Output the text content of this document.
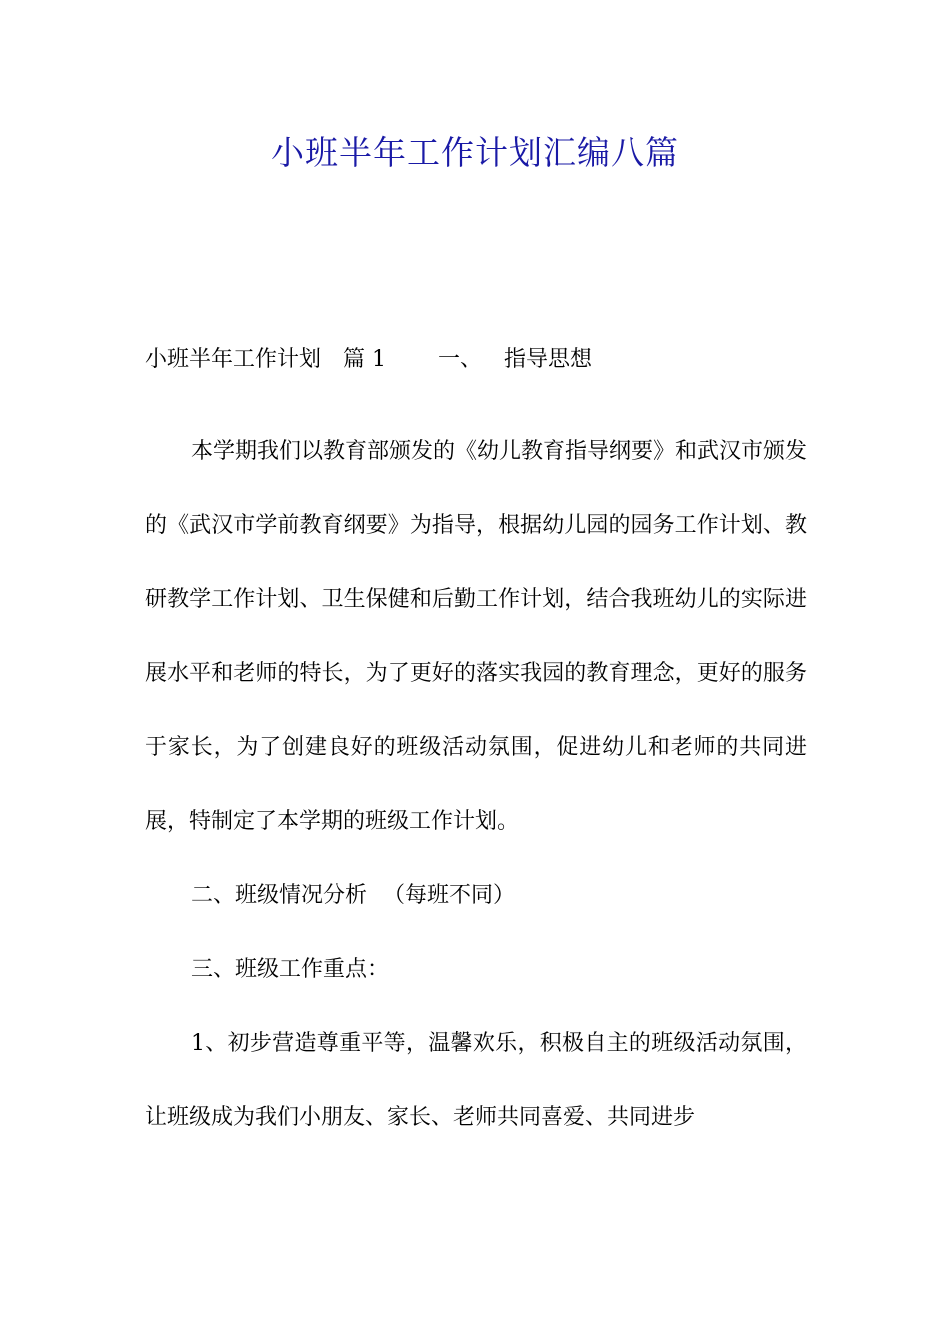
小班半年工作计划汇编八篇
小班半年工作计划 篇 1 一、 指导思想

本学期我们以教育部颁发的《幼儿教育指导纲要》和武汉市颁发的《武汉市学前教育纲要》为指导，根据幼儿园的园务工作计划、教研教学工作计划、卫生保健和后勤工作计划，结合我班幼儿的实际进展水平和老师的特长，为了更好的落实我园的教育理念，更好的服务于家长，为了创建良好的班级活动氛围，促进幼儿和老师的共同进展，特制定了本学期的班级工作计划。

二、班级情况分析 （每班不同）

三、班级工作重点：

1、初步营造尊重平等，温馨欢乐，积极自主的班级活动氛围，让班级成为我们小朋友、家长、老师共同喜爱、共同进步
